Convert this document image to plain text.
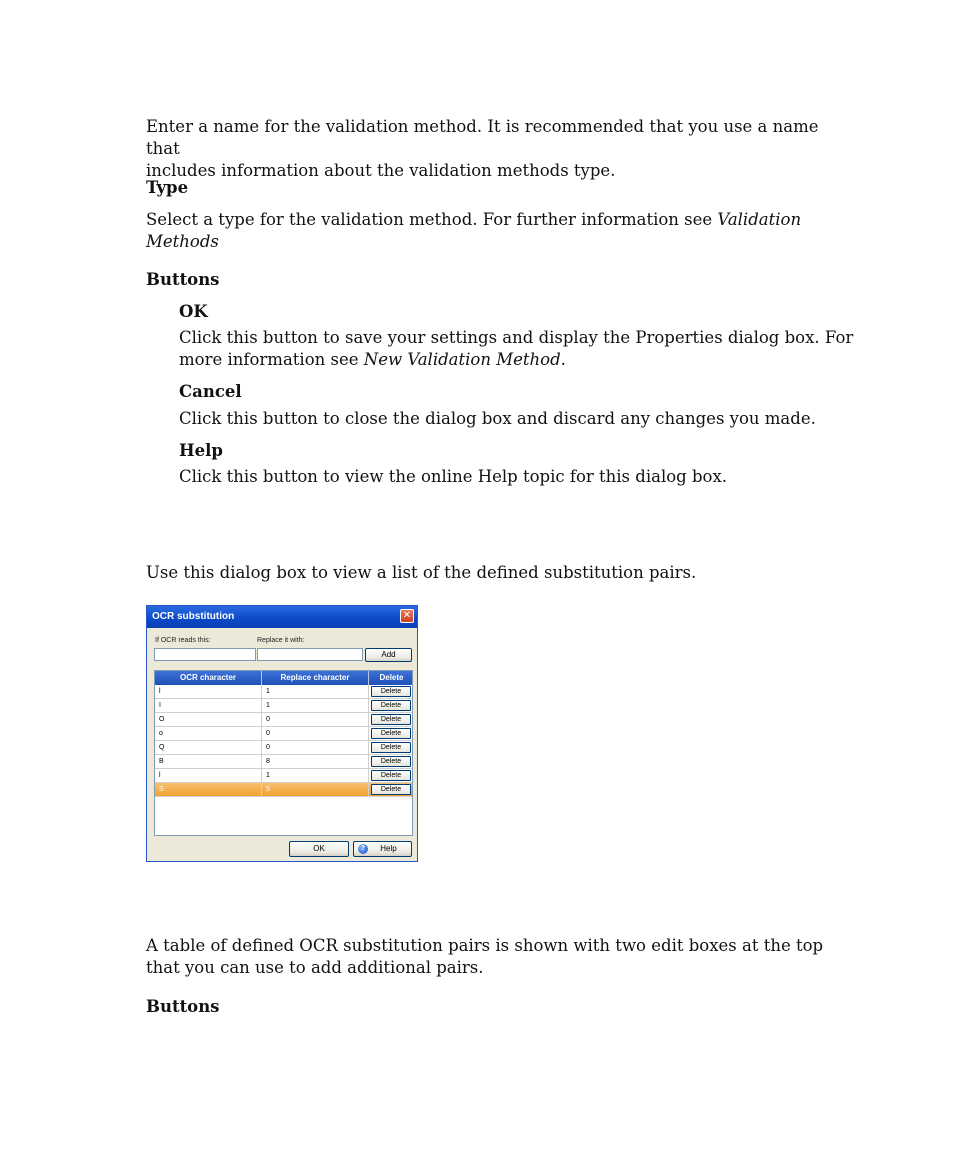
Enter a name for the validation method. It is recommended that you use a name that
includes information about the validation methods type.
Type
Select a type for the validation method. For further information see Validation
Methods
Buttons
OK
Click this button to save your settings and display the Properties dialog box. For
more information see New Validation Method.
Cancel
Click this button to close the dialog box and discard any changes you made.
Help
Click this button to view the online Help topic for this dialog box.
Use this dialog box to view a list of the defined substitution pairs.
OCR substitution	✕
If OCR reads this:	Replace it with:
Add
OCR character	Replace character	Delete
l	1	Delete
I	1	Delete
O	0	Delete
o	0	Delete
Q	0	Delete
B	8	Delete
l	1	Delete
S	5	Delete
OK	?	Help
A table of defined OCR substitution pairs is shown with two edit boxes at the top
that you can use to add additional pairs.
Buttons
